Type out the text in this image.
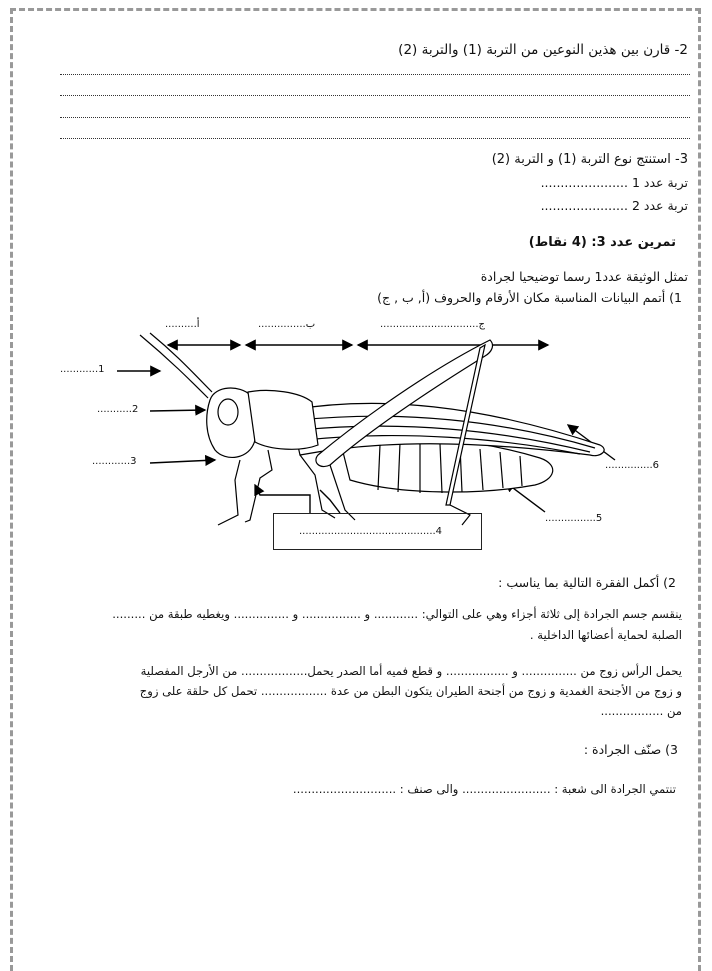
2- قارن بين هذين النوعين من التربة (1) والتربة (2)
3- استنتج نوع التربة (1) و التربة (2)
تربة عدد 1 ......................
تربة عدد 2 ......................
تمرين عدد 3: (4 نقاط)
تمثل الوثيقة عدد1 رسما توضيحيا لجرادة
1) أتمم البيانات المناسبة مكان الأرقام والحروف (أ, ب , ج)
..........أ	...............ب	...............................ج
............1
...........2
............3	...............6
................5
...........................................4
2) أكمل الفقرة التالية بما يناسب :
ينقسم جسم الجرادة إلى ثلاثة أجزاء وهي على التوالي: ............ و ................ و ............... ويغطيه طبقة من .........
الصلبة لحماية أعضائها الداخلية .
يحمل الرأس زوج من ............... و ................. و قطع فميه أما الصدر يحمل.................. من الأرجل المفصلية
و زوج من الأجنحة الغمدية و زوج من أجنحة الطيران يتكون البطن من عدة .................. تحمل كل حلقة على زوج
من .................
3) صنّف الجرادة :
تنتمي الجرادة الى شعبة : ........................ والى صنف : ............................
